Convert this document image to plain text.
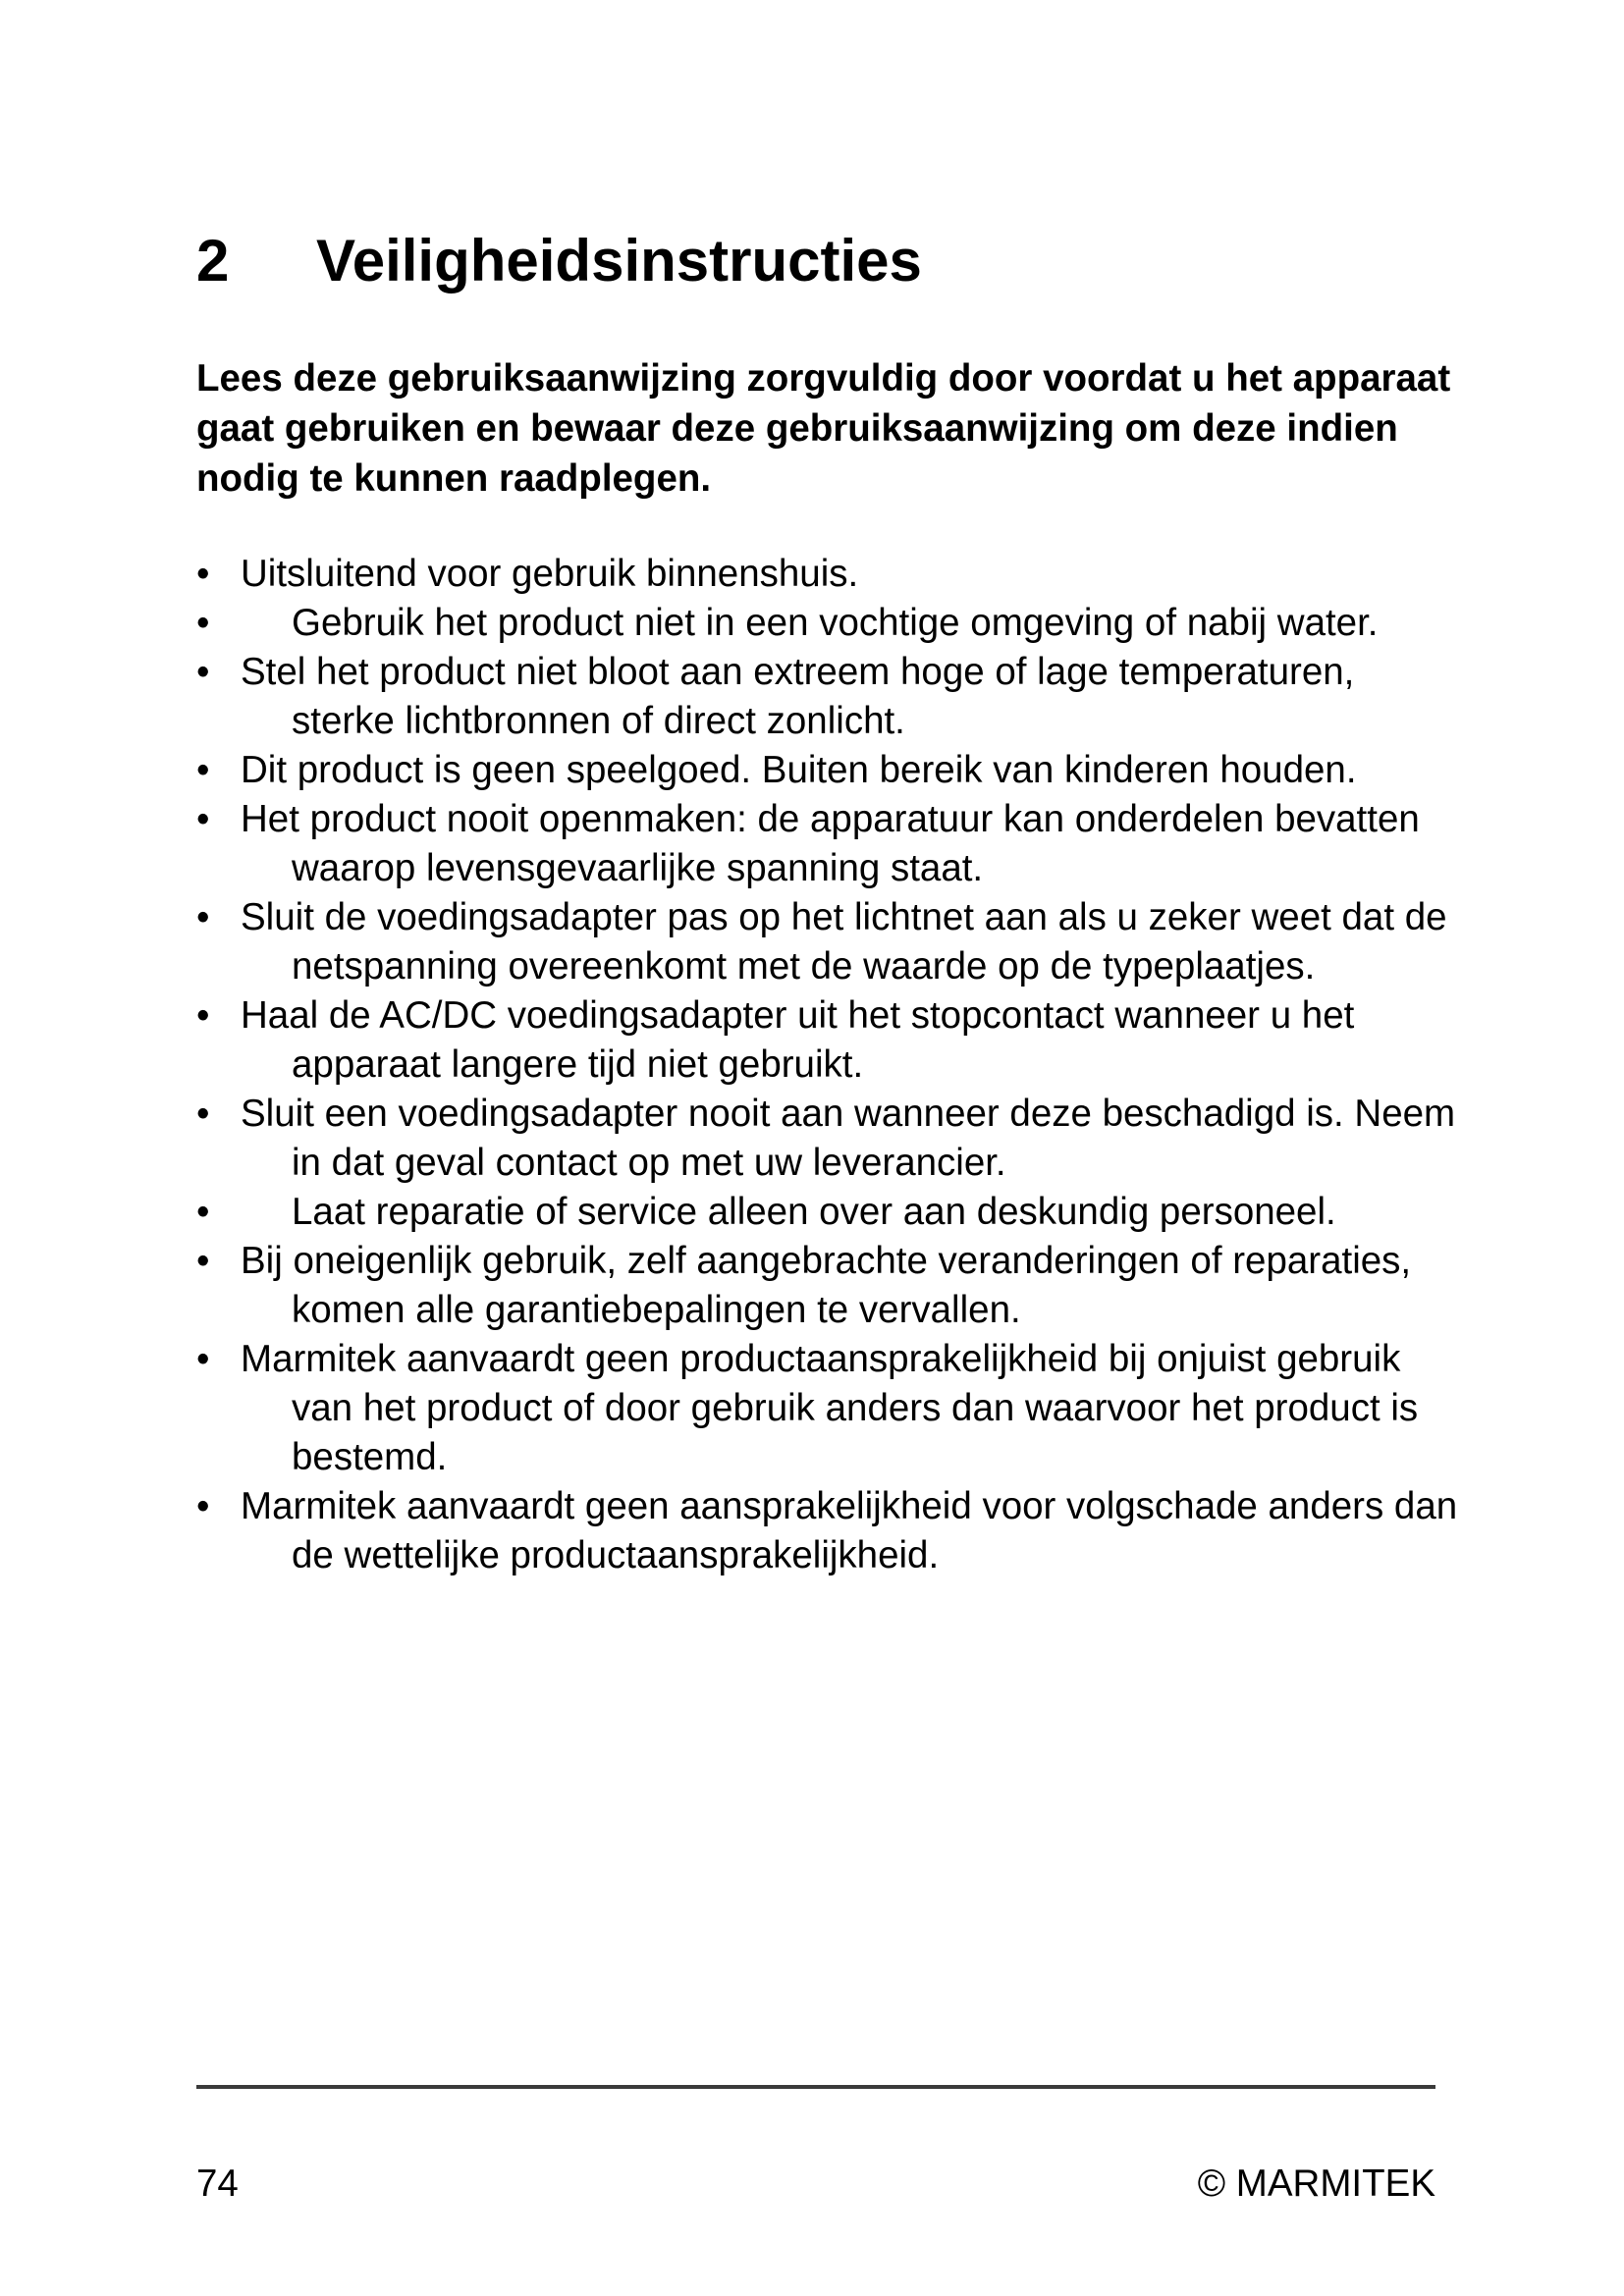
2 Veiligheidsinstructies

Lees deze gebruiksaanwijzing zorgvuldig door voordat u het apparaat gaat gebruiken en bewaar deze gebruiksaanwijzing om deze indien nodig te kunnen raadplegen.

• Uitsluitend voor gebruik binnenshuis.
• Gebruik het product niet in een vochtige omgeving of nabij water.
• Stel het product niet bloot aan extreem hoge of lage temperaturen, sterke lichtbronnen of direct zonlicht.
• Dit product is geen speelgoed. Buiten bereik van kinderen houden.
• Het product nooit openmaken: de apparatuur kan onderdelen bevatten waarop levensgevaarlijke spanning staat.
• Sluit de voedingsadapter pas op het lichtnet aan als u zeker weet dat de netspanning overeenkomt met de waarde op de typeplaatjes.
• Haal de AC/DC voedingsadapter uit het stopcontact wanneer u het apparaat langere tijd niet gebruikt.
• Sluit een voedingsadapter nooit aan wanneer deze beschadigd is. Neem in dat geval contact op met uw leverancier.
• Laat reparatie of service alleen over aan deskundig personeel.
• Bij oneigenlijk gebruik, zelf aangebrachte veranderingen of reparaties, komen alle garantiebepalingen te vervallen.
• Marmitek aanvaardt geen productaansprakelijkheid bij onjuist gebruik van het product of door gebruik anders dan waarvoor het product is bestemd.
• Marmitek aanvaardt geen aansprakelijkheid voor volgschade anders dan de wettelijke productaansprakelijkheid.
74	© MARMITEK
